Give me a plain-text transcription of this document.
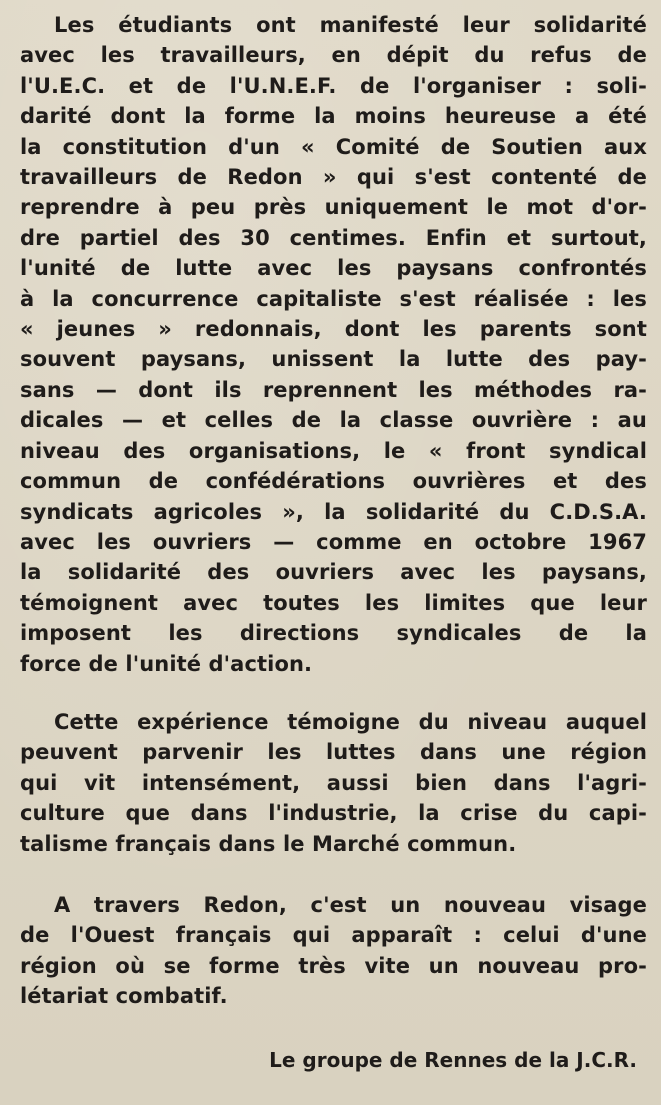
Les étudiants ont manifesté leur solidarité
avec les travailleurs, en dépit du refus de
l'U.E.C. et de l'U.N.E.F. de l'organiser : soli-
darité dont la forme la moins heureuse a été
la constitution d'un « Comité de Soutien aux
travailleurs de Redon » qui s'est contenté de
reprendre à peu près uniquement le mot d'or-
dre partiel des 30 centimes. Enfin et surtout,
l'unité de lutte avec les paysans confrontés
à la concurrence capitaliste s'est réalisée : les
« jeunes » redonnais, dont les parents sont
souvent paysans, unissent la lutte des pay-
sans — dont ils reprennent les méthodes ra-
dicales — et celles de la classe ouvrière : au
niveau des organisations, le « front syndical
commun de confédérations ouvrières et des
syndicats agricoles », la solidarité du C.D.S.A.
avec les ouvriers — comme en octobre 1967
la solidarité des ouvriers avec les paysans,
témoignent avec toutes les limites que leur
imposent les directions syndicales de la
force de l'unité d'action.
Cette expérience témoigne du niveau auquel
peuvent parvenir les luttes dans une région
qui vit intensément, aussi bien dans l'agri-
culture que dans l'industrie, la crise du capi-
talisme français dans le Marché commun.
A travers Redon, c'est un nouveau visage
de l'Ouest français qui apparaît : celui d'une
région où se forme très vite un nouveau pro-
létariat combatif.
Le groupe de Rennes de la J.C.R.
